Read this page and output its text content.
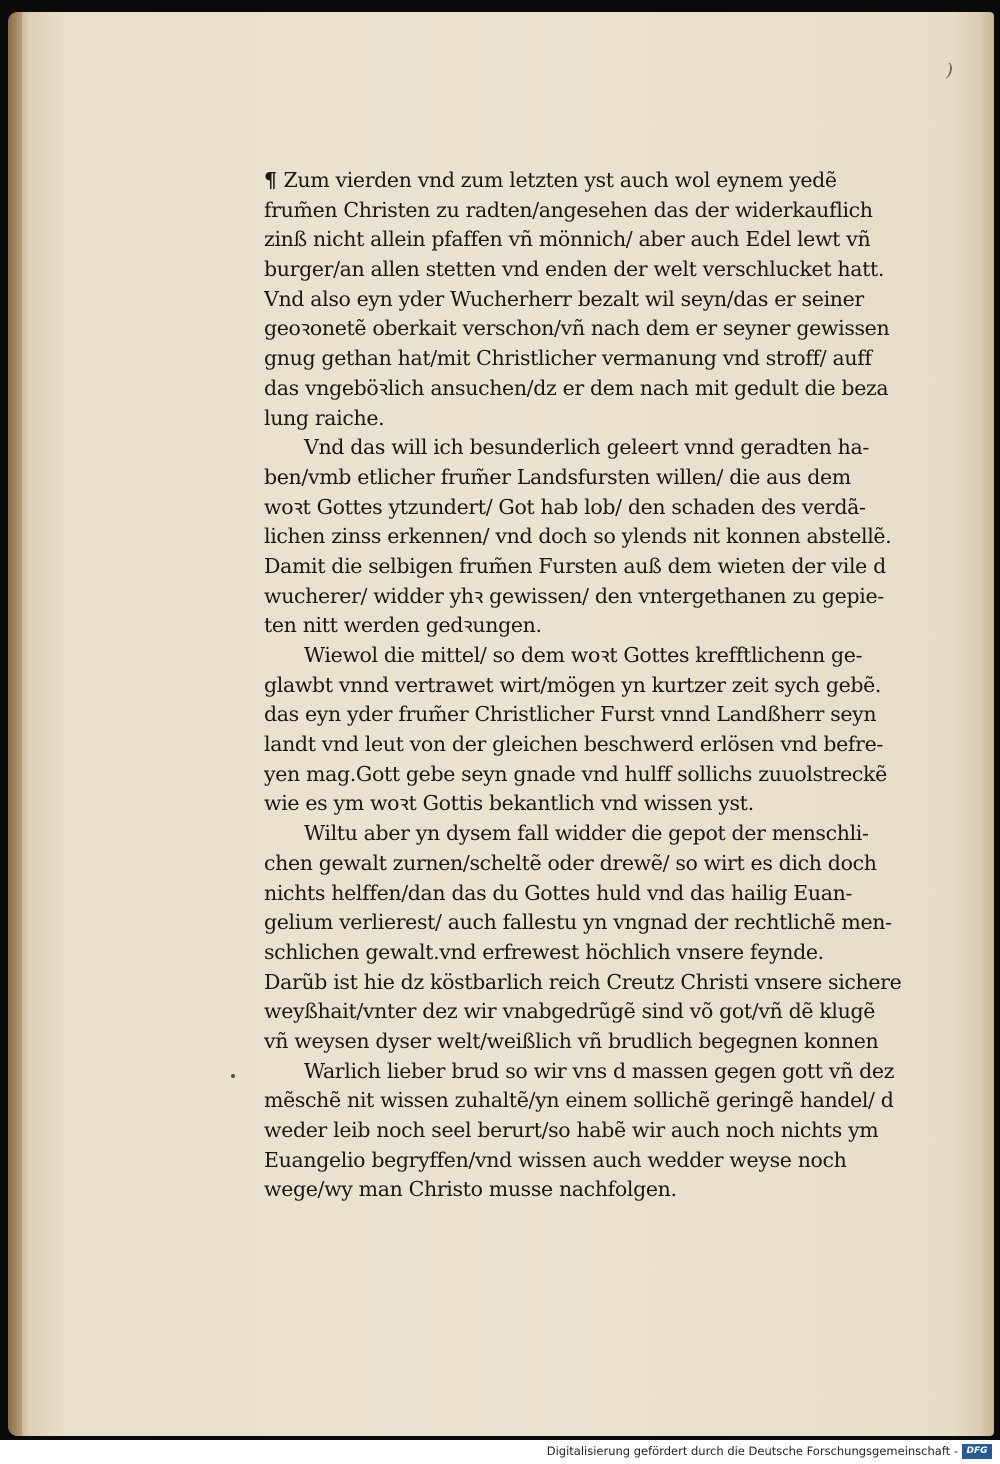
)
¶ Zum vierden vnd zum letzten yst auch wol eynem yedẽ
frum̃en Christen zu radten/angesehen das der widerkauflich
zinß nicht allein pfaffen vñ mönnich/ aber auch Edel lewt vñ
burger/an allen stetten vnd enden der welt verschlucket hatt.
Vnd also eyn yder Wucherherr bezalt wil seyn/das er seiner
geoꝛonetẽ oberkait verschon/vñ nach dem er seyner gewissen
gnug gethan hat/mit Christlicher vermanung vnd stroff/ auff
das vngeböꝛlich ansuchen/dz er dem nach mit gedult die beza
lung raiche.
Vnd das will ich besunderlich geleert vnnd geradten ha-
ben/vmb etlicher frum̃er Landsfursten willen/ die aus dem
woꝛt Gottes ytzundert/ Got hab lob/ den schaden des verdã-
lichen zinss erkennen/ vnd doch so ylends nit konnen abstellẽ.
Damit die selbigen frum̃en Fursten auß dem wieten der vile d
wucherer/ widder yhꝛ gewissen/ den vntergethanen zu gepie-
ten nitt werden gedꝛungen.
Wiewol die mittel/ so dem woꝛt Gottes krefftlichenn ge-
glawbt vnnd vertrawet wirt/mögen yn kurtzer zeit sych gebẽ.
das eyn yder frum̃er Christlicher Furst vnnd Landßherr seyn
landt vnd leut von der gleichen beschwerd erlösen vnd befre-
yen mag.Gott gebe seyn gnade vnd hulff sollichs zuuolstreckẽ
wie es ym woꝛt Gottis bekantlich vnd wissen yst.
Wiltu aber yn dysem fall widder die gepot der menschli-
chen gewalt zurnen/scheltẽ oder drewẽ/ so wirt es dich doch
nichts helffen/dan das du Gottes huld vnd das hailig Euan-
gelium verlierest/ auch fallestu yn vngnad der rechtlichẽ men-
schlichen gewalt.vnd erfrewest höchlich vnsere feynde.
Darũb ist hie dz köstbarlich reich Creutz Christi vnsere sichere
weyßhait/vnter dez wir vnabgedrũgẽ sind võ got/vñ dẽ klugẽ
vñ weysen dyser welt/weißlich vñ brudlich begegnen konnen
Warlich lieber brud so wir vns d massen gegen gott vñ dez
mẽschẽ nit wissen zuhaltẽ/yn einem sollichẽ geringẽ handel/ d
weder leib noch seel berurt/so habẽ wir auch noch nichts ym
Euangelio begryffen/vnd wissen auch wedder weyse noch
wege/wy man Christo musse nachfolgen.
Digitalisierung gefördert durch die Deutsche Forschungsgemeinschaft - DFG
